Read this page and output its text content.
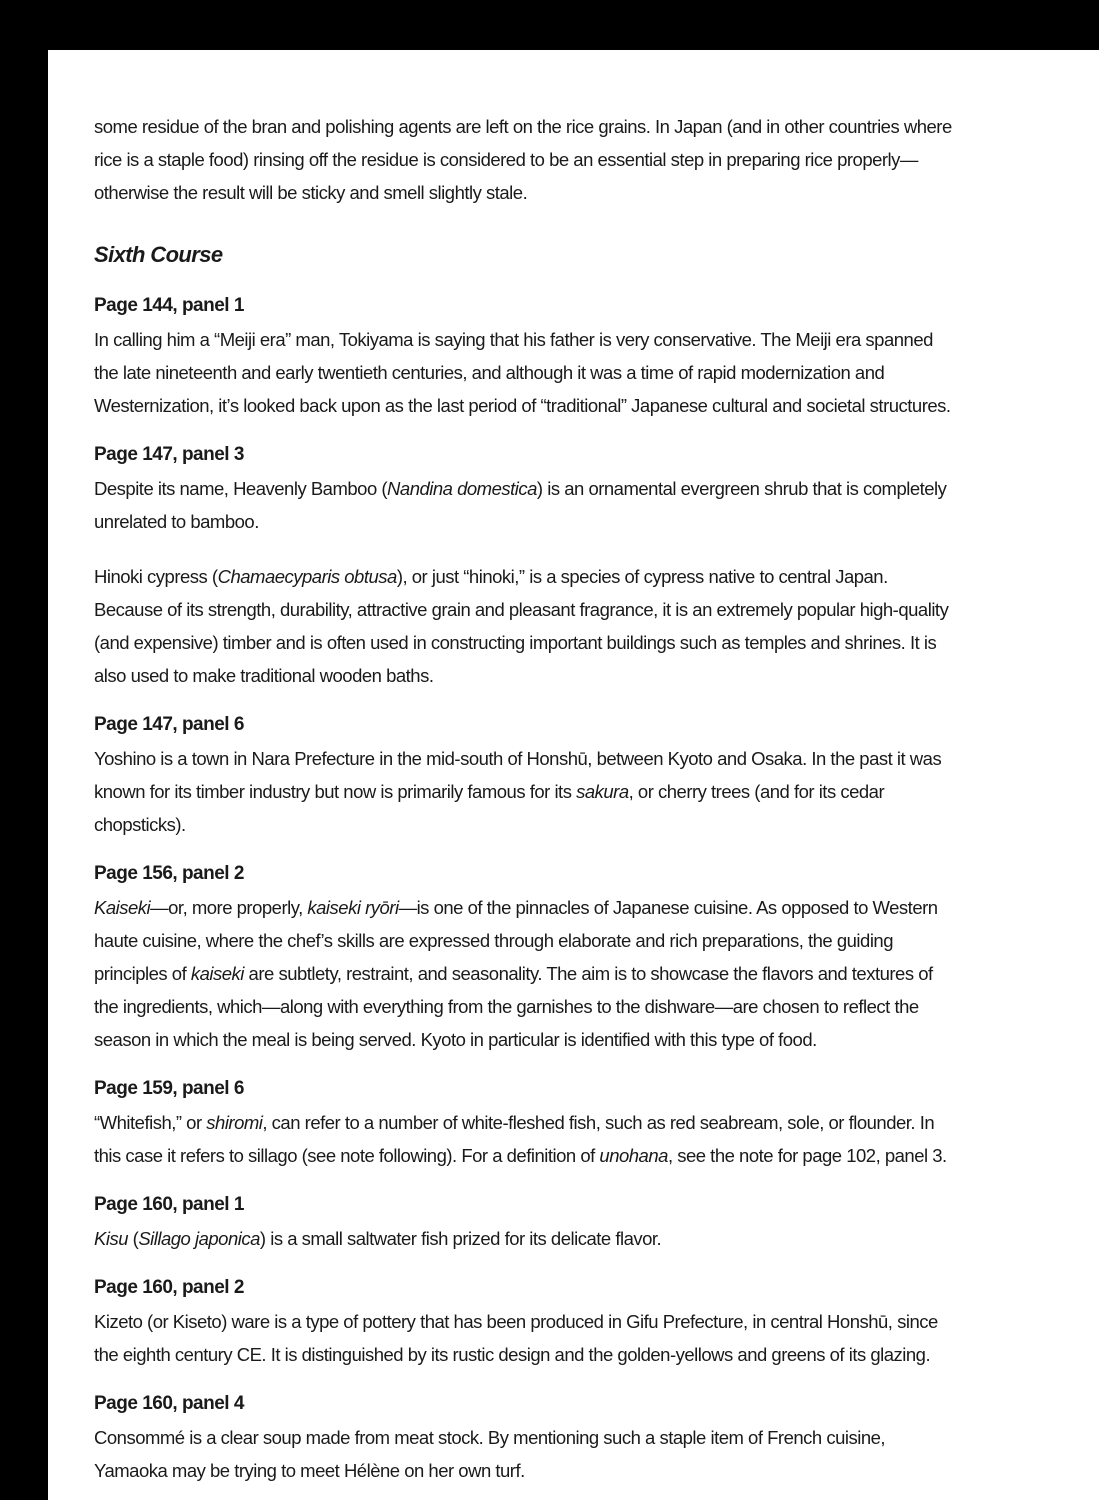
some residue of the bran and polishing agents are left on the rice grains. In Japan (and in other countries where rice is a staple food) rinsing off the residue is considered to be an essential step in preparing rice properly—otherwise the result will be sticky and smell slightly stale.

Sixth Course
Page 144, panel 1

In calling him a “Meiji era” man, Tokiyama is saying that his father is very conservative. The Meiji era spanned the late nineteenth and early twentieth centuries, and although it was a time of rapid modernization and Westernization, it’s looked back upon as the last period of “traditional” Japanese cultural and societal structures.

Page 147, panel 3

Despite its name, Heavenly Bamboo (Nandina domestica) is an ornamental evergreen shrub that is completely unrelated to bamboo.

Hinoki cypress (Chamaecyparis obtusa), or just “hinoki,” is a species of cypress native to central Japan. Because of its strength, durability, attractive grain and pleasant fragrance, it is an extremely popular high-quality (and expensive) timber and is often used in constructing important buildings such as temples and shrines. It is also used to make traditional wooden baths.

Page 147, panel 6

Yoshino is a town in Nara Prefecture in the mid-south of Honshū, between Kyoto and Osaka. In the past it was known for its timber industry but now is primarily famous for its sakura, or cherry trees (and for its cedar chopsticks).

Page 156, panel 2

Kaiseki—or, more properly, kaiseki ryōri—is one of the pinnacles of Japanese cuisine. As opposed to Western haute cuisine, where the chef’s skills are expressed through elaborate and rich preparations, the guiding principles of kaiseki are subtlety, restraint, and seasonality. The aim is to showcase the flavors and textures of the ingredients, which—along with everything from the garnishes to the dishware—are chosen to reflect the season in which the meal is being served. Kyoto in particular is identified with this type of food.

Page 159, panel 6

“Whitefish,” or shiromi, can refer to a number of white-fleshed fish, such as red seabream, sole, or flounder. In this case it refers to sillago (see note following). For a definition of unohana, see the note for page 102, panel 3.

Page 160, panel 1

Kisu (Sillago japonica) is a small saltwater fish prized for its delicate flavor.

Page 160, panel 2

Kizeto (or Kiseto) ware is a type of pottery that has been produced in Gifu Prefecture, in central Honshū, since the eighth century CE. It is distinguished by its rustic design and the golden-yellows and greens of its glazing.

Page 160, panel 4

Consommé is a clear soup made from meat stock. By mentioning such a staple item of French cuisine, Yamaoka may be trying to meet Hélène on her own turf.
